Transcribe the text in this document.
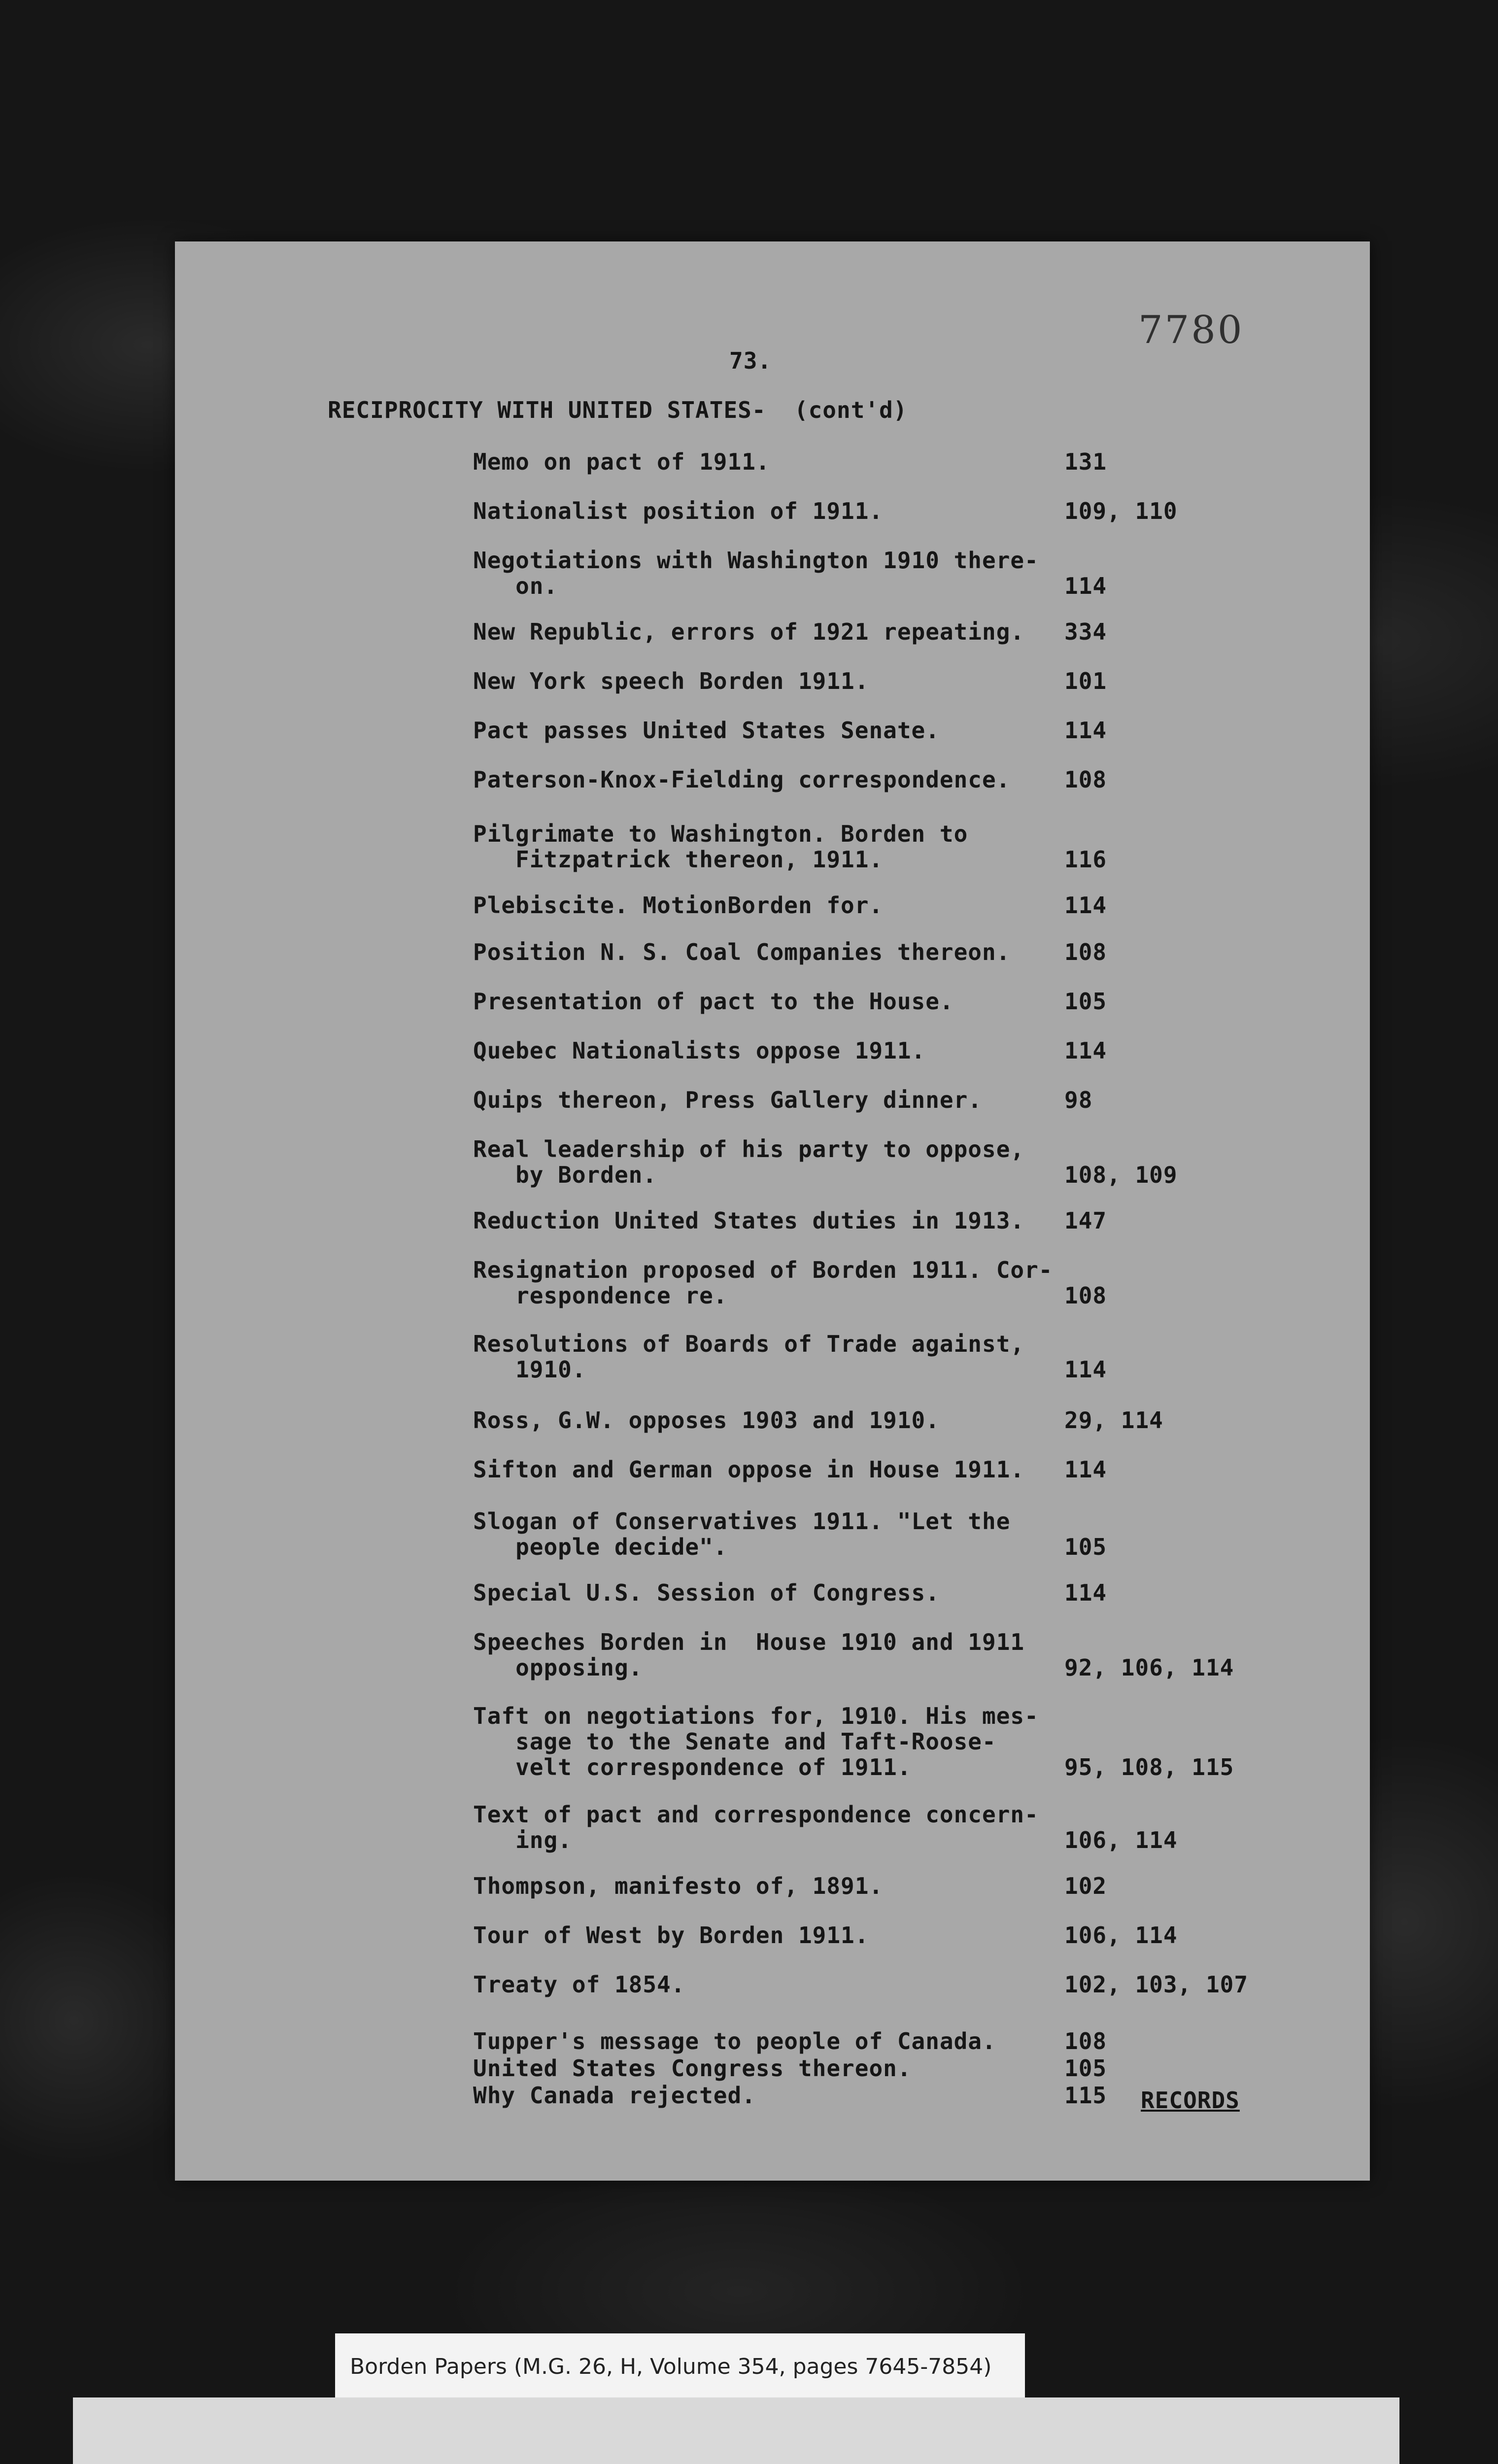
7780
73.
RECIPROCITY WITH UNITED STATES-  (cont'd)
Memo on pact of 1911.	131
Nationalist position of 1911.	109, 110
Negotiations with Washington 1910 there-
on.	114
New Republic, errors of 1921 repeating. 334
New York speech Borden 1911.	101
Pact passes United States Senate.	114
Paterson-Knox-Fielding correspondence. 108
Pilgrimate to Washington. Borden to
Fitzpatrick thereon, 1911.	116
Plebiscite. MotionBorden for.	114
Position N. S. Coal Companies thereon. 108
Presentation of pact to the House.	105
Quebec Nationalists oppose 1911.	114
Quips thereon, Press Gallery dinner.	98
Real leadership of his party to oppose,
by Borden.	108, 109
Reduction United States duties in 1913. 147
Resignation proposed of Borden 1911. Cor-
respondence re.	108
Resolutions of Boards of Trade against,
1910.	114
Ross, G.W. opposes 1903 and 1910.	29, 114
Sifton and German oppose in House 1911. 114
Slogan of Conservatives 1911. "Let the
people decide".	105
Special U.S. Session of Congress.	114
Speeches Borden in  House 1910 and 1911
opposing.	92, 106, 114
Taft on negotiations for, 1910. His mes-
sage to the Senate and Taft-Roose-
velt correspondence of 1911.	95, 108, 115
Text of pact and correspondence concern-
ing.	106, 114
Thompson, manifesto of, 1891.	102
Tour of West by Borden 1911.	106, 114
Treaty of 1854.	102, 103, 107
Tupper's message to people of Canada.	108
United States Congress thereon.	105
Why Canada rejected.	115 RECORDS
Borden Papers (M.G. 26, H, Volume 354, pages 7645-7854)
